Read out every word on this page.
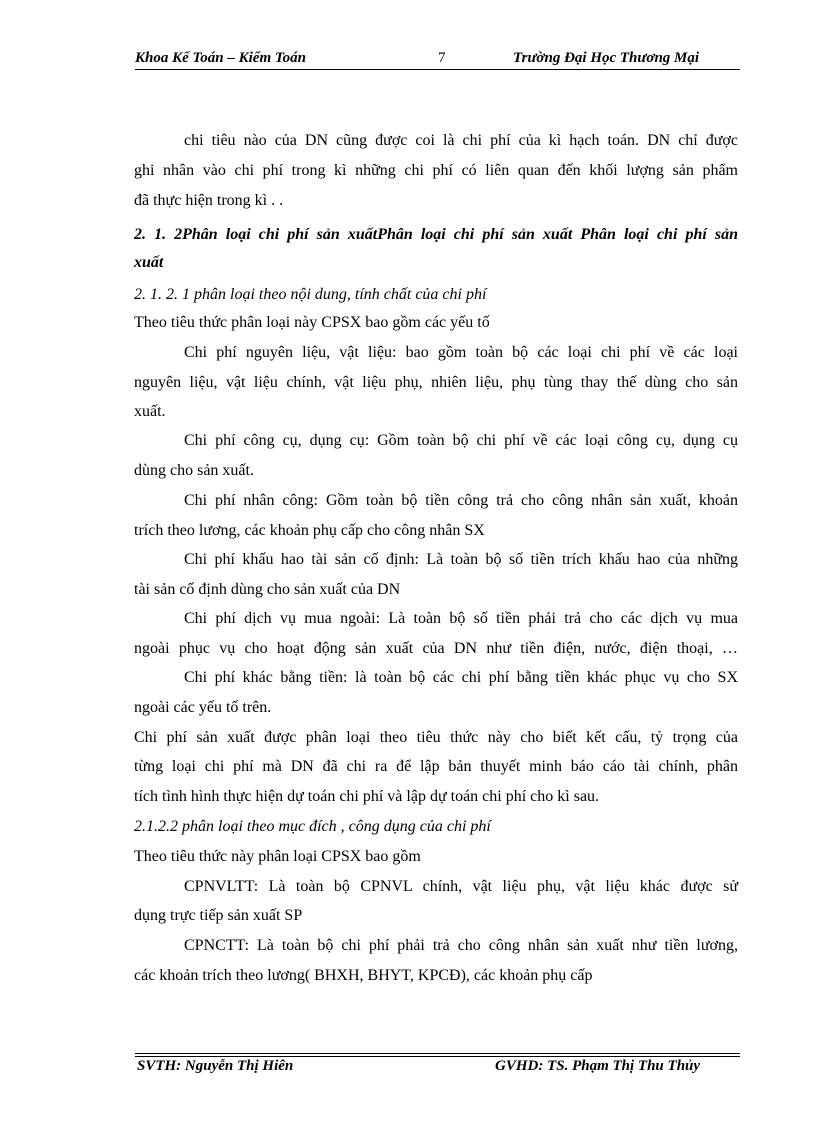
Khoa Kế Toán – Kiểm Toán	7	Trường Đại Học Thương Mại
chi tiêu nào của DN cũng được coi là chi phí của kì hạch toán. DN chỉ được
ghi nhân vào chi phí trong kì những chi phí có liên quan đến khối lượng sản phẩm
đã thực hiện trong kì . .
2. 1. 2Phân loại chi phí sản xuấtPhân loại chi phí sản xuất Phân loại chi phí sản
xuất
2. 1. 2. 1 phân loại theo nội dung, tính chất của chi phí
Theo tiêu thức phân loại này CPSX bao gồm các yếu tố
Chi phí nguyên liệu, vật liệu: bao gồm toàn bộ các loại chi phí về các loại
nguyên liệu, vật liệu chính, vật liệu phụ, nhiên liệu, phụ tùng thay thế dùng cho sản
xuất.
Chi phí công cụ, dụng cụ: Gồm toàn bộ chi phí về các loại công cụ, dụng cụ
dùng cho sản xuất.
Chi phí nhân công: Gồm toàn bộ tiền công trả cho công nhân sản xuất, khoản
trích theo lương, các khoản phụ cấp cho công nhân SX
Chi phí khấu hao tài sản cố định: Là toàn bộ số tiền trích khấu hao của những
tài sản cố định dùng cho sản xuất của DN
Chi phí dịch vụ mua ngoài: Là toàn bộ số tiền phải trả cho các dịch vụ mua
ngoài phục vụ cho hoạt động sản xuất của DN như tiền điện, nước, điện thoại, …
Chi phí khác bằng tiền: là toàn bộ các chi phí bằng tiền khác phục vụ cho SX
ngoài các yếu tố trên.
Chi phí sản xuất được phân loại theo tiêu thức này cho biết kết cấu, tỷ trọng của
từng loại chi phí mà DN đã chi ra để lập bản thuyết minh báo cáo tài chính, phân
tích tình hình thực hiện dự toán chi phí và lập dự toán chi phí cho kì sau.
2.1.2.2 phân loại theo mục đích , công dụng của chi phí
Theo tiêu thức này phân loại CPSX bao gồm
CPNVLTT: Là toàn bộ CPNVL chính, vật liệu phụ, vật liệu khác được sử
dụng trực tiếp sản xuất SP
CPNCTT: Là toàn bộ chi phí phải trả cho công nhân sản xuất như tiền lương,
các khoản trích theo lương( BHXH, BHYT, KPCĐ), các khoản phụ cấp
SVTH: Nguyễn Thị Hiên	GVHD: TS. Phạm Thị Thu Thủy
